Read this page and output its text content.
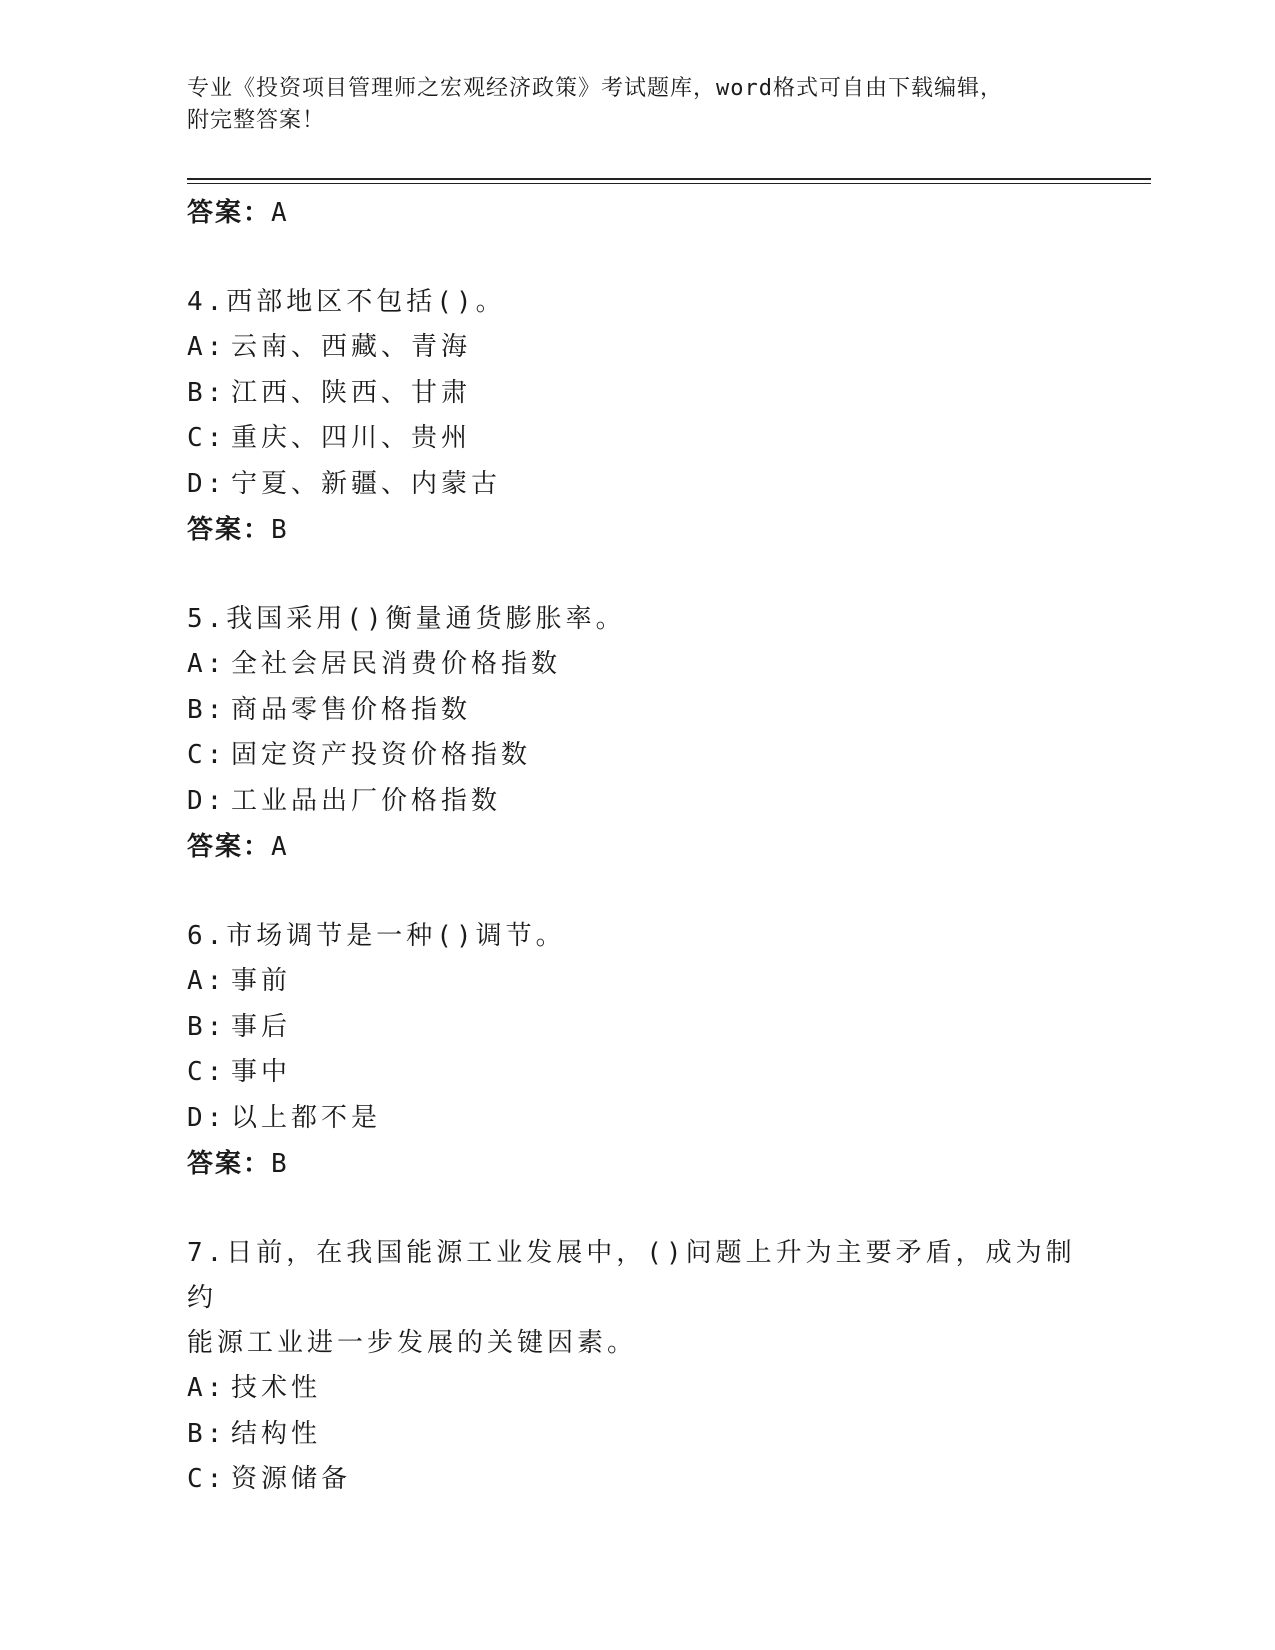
专业《投资项目管理师之宏观经济政策》考试题库，word格式可自由下载编辑，
附完整答案！
答案：A
4.西部地区不包括()。
A: 云南、西藏、青海
B: 江西、陕西、甘肃
C: 重庆、四川、贵州
D: 宁夏、新疆、内蒙古
答案：B
5.我国采用()衡量通货膨胀率。
A: 全社会居民消费价格指数
B: 商品零售价格指数
C: 固定资产投资价格指数
D: 工业品出厂价格指数
答案：A
6.市场调节是一种()调节。
A: 事前
B: 事后
C: 事中
D: 以上都不是
答案：B
7.日前，在我国能源工业发展中，()问题上升为主要矛盾，成为制约
能源工业进一步发展的关键因素。
A: 技术性
B: 结构性
C: 资源储备
